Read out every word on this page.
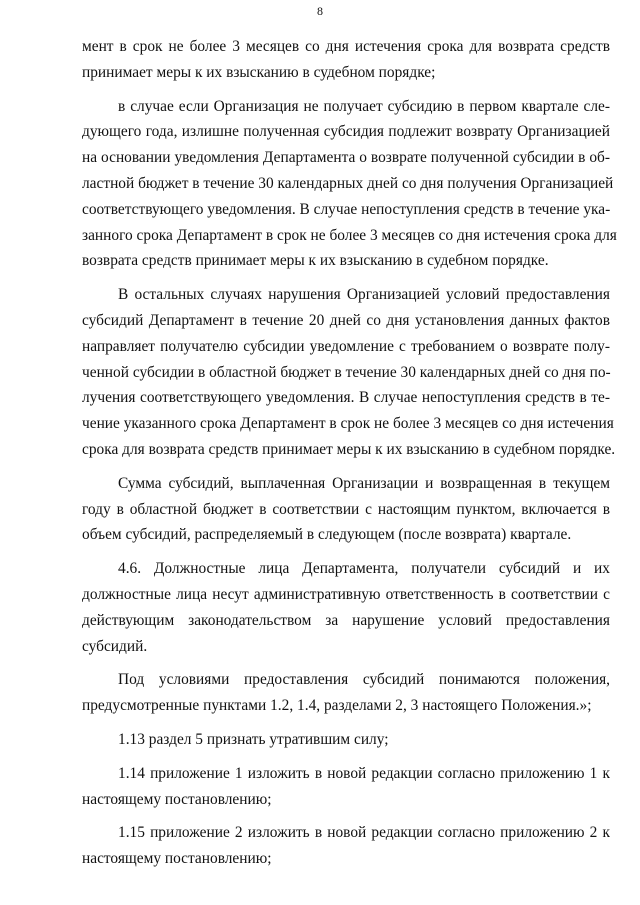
8
мент в срок не более 3 месяцев со дня истечения срока для возврата средств
принимает меры к их взысканию в судебном порядке;
в случае если Организация не получает субсидию в первом квартале сле-
дующего года, излишне полученная субсидия подлежит возврату Организацией
на основании уведомления Департамента о возврате полученной субсидии в об-
ластной бюджет в течение 30 календарных дней со дня получения Организацией
соответствующего уведомления. В случае непоступления средств в течение ука-
занного срока Департамент в срок не более 3 месяцев со дня истечения срока для
возврата средств принимает меры к их взысканию в судебном порядке.
В остальных случаях нарушения Организацией условий предоставления
субсидий Департамент в течение 20 дней со дня установления данных фактов
направляет получателю субсидии уведомление с требованием о возврате полу-
ченной субсидии в областной бюджет в течение 30 календарных дней со дня по-
лучения соответствующего уведомления. В случае непоступления средств в те-
чение указанного срока Департамент в срок не более 3 месяцев со дня истечения
срока для возврата средств принимает меры к их взысканию в судебном порядке.
Сумма субсидий, выплаченная Организации и возвращенная в текущем
году в областной бюджет в соответствии с настоящим пунктом, включается в
объем субсидий, распределяемый в следующем (после возврата) квартале.
4.6. Должностные лица Департамента, получатели субсидий и их
должностные лица несут административную ответственность в соответствии с
действующим законодательством за нарушение условий предоставления
субсидий.
Под условиями предоставления субсидий понимаются положения,
предусмотренные пунктами 1.2, 1.4, разделами 2, 3 настоящего Положения.»;
1.13 раздел 5 признать утратившим силу;
1.14 приложение 1 изложить в новой редакции согласно приложению 1 к
настоящему постановлению;
1.15 приложение 2 изложить в новой редакции согласно приложению 2 к
настоящему постановлению;
